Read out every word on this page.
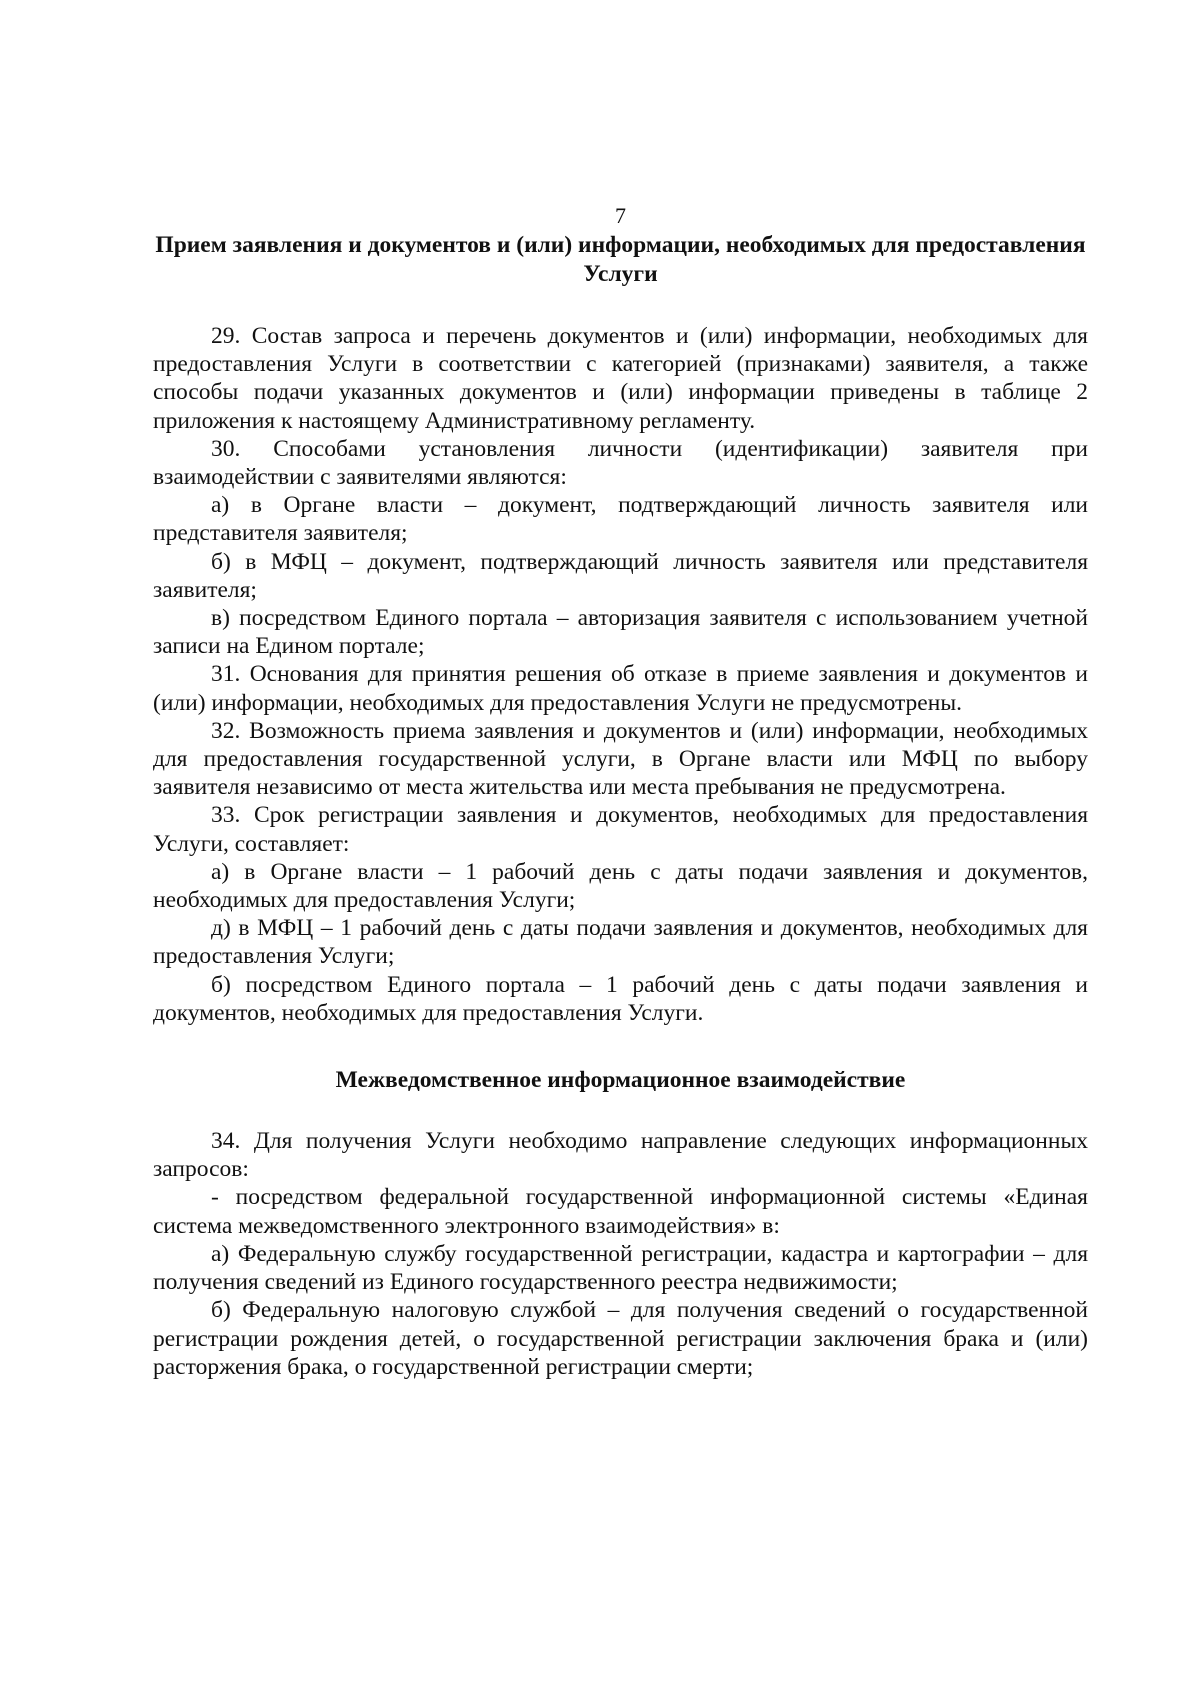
7

Прием заявления и документов и (или) информации, необходимых для предоставления Услуги

29. Состав запроса и перечень документов и (или) информации, необходимых для предоставления Услуги в соответствии с категорией (признаками) заявителя, а также способы подачи указанных документов и (или) информации приведены в таблице 2 приложения к настоящему Административному регламенту.

30. Способами установления личности (идентификации) заявителя при взаимодействии с заявителями являются:

а) в Органе власти – документ, подтверждающий личность заявителя или представителя заявителя;

б) в МФЦ – документ, подтверждающий личность заявителя или представителя заявителя;

в) посредством Единого портала – авторизация заявителя с использованием учетной записи на Едином портале;

31. Основания для принятия решения об отказе в приеме заявления и документов и (или) информации, необходимых для предоставления Услуги не предусмотрены.

32. Возможность приема заявления и документов и (или) информации, необходимых для предоставления государственной услуги, в Органе власти или МФЦ по выбору заявителя независимо от места жительства или места пребывания не предусмотрена.

33. Срок регистрации заявления и документов, необходимых для предоставления Услуги, составляет:

а) в Органе власти – 1 рабочий день с даты подачи заявления и документов, необходимых для предоставления Услуги;

д) в МФЦ – 1 рабочий день с даты подачи заявления и документов, необходимых для предоставления Услуги;

б) посредством Единого портала – 1 рабочий день с даты подачи заявления и документов, необходимых для предоставления Услуги.

Межведомственное информационное взаимодействие

34. Для получения Услуги необходимо направление следующих информационных запросов:

- посредством федеральной государственной информационной системы «Единая система межведомственного электронного взаимодействия» в:

а) Федеральную службу государственной регистрации, кадастра и картографии – для получения сведений из Единого государственного реестра недвижимости;

б) Федеральную налоговую службой – для получения сведений о государственной регистрации рождения детей, о государственной регистрации заключения брака и (или) расторжения брака, о государственной регистрации смерти;
